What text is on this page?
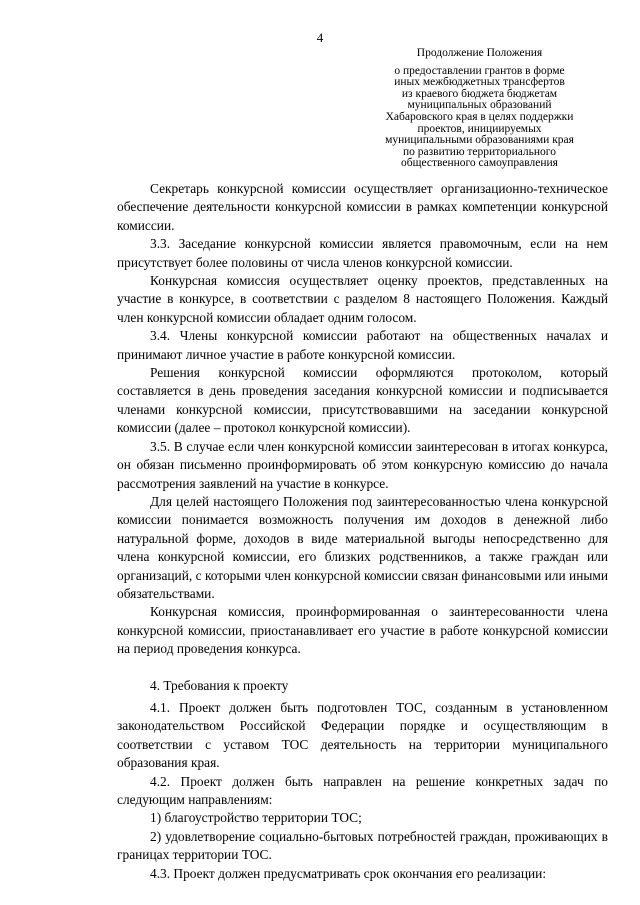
4
Продолжение Положения
о предоставлении грантов в форме
иных межбюджетных трансфертов
из краевого бюджета бюджетам
муниципальных образований
Хабаровского края в целях поддержки
проектов, инициируемых
муниципальными образованиями края
по развитию территориального
общественного самоуправления

Секретарь конкурсной комиссии осуществляет организационно-техническое обеспечение деятельности конкурсной комиссии в рамках компетенции конкурсной комиссии.

3.3. Заседание конкурсной комиссии является правомочным, если на нем присутствует более половины от числа членов конкурсной комиссии.

Конкурсная комиссия осуществляет оценку проектов, представленных на участие в конкурсе, в соответствии с разделом 8 настоящего Положения. Каждый член конкурсной комиссии обладает одним голосом.

3.4. Члены конкурсной комиссии работают на общественных началах и принимают личное участие в работе конкурсной комиссии.

Решения конкурсной комиссии оформляются протоколом, который составляется в день проведения заседания конкурсной комиссии и подписывается членами конкурсной комиссии, присутствовавшими на заседании конкурсной комиссии (далее – протокол конкурсной комиссии).

3.5. В случае если член конкурсной комиссии заинтересован в итогах конкурса, он обязан письменно проинформировать об этом конкурсную комиссию до начала рассмотрения заявлений на участие в конкурсе.

Для целей настоящего Положения под заинтересованностью члена конкурсной комиссии понимается возможность получения им доходов в денежной либо натуральной форме, доходов в виде материальной выгоды непосредственно для члена конкурсной комиссии, его близких родственников, а также граждан или организаций, с которыми член конкурсной комиссии связан финансовыми или иными обязательствами.

Конкурсная комиссия, проинформированная о заинтересованности члена конкурсной комиссии, приостанавливает его участие в работе конкурсной комиссии на период проведения конкурса.

4. Требования к проекту

4.1. Проект должен быть подготовлен ТОС, созданным в установленном законодательством Российской Федерации порядке и осуществляющим в соответствии с уставом ТОС деятельность на территории муниципального образования края.

4.2. Проект должен быть направлен на решение конкретных задач по следующим направлениям:

1) благоустройство территории ТОС;

2) удовлетворение социально-бытовых потребностей граждан, проживающих в границах территории ТОС.

4.3. Проект должен предусматривать срок окончания его реализации:
